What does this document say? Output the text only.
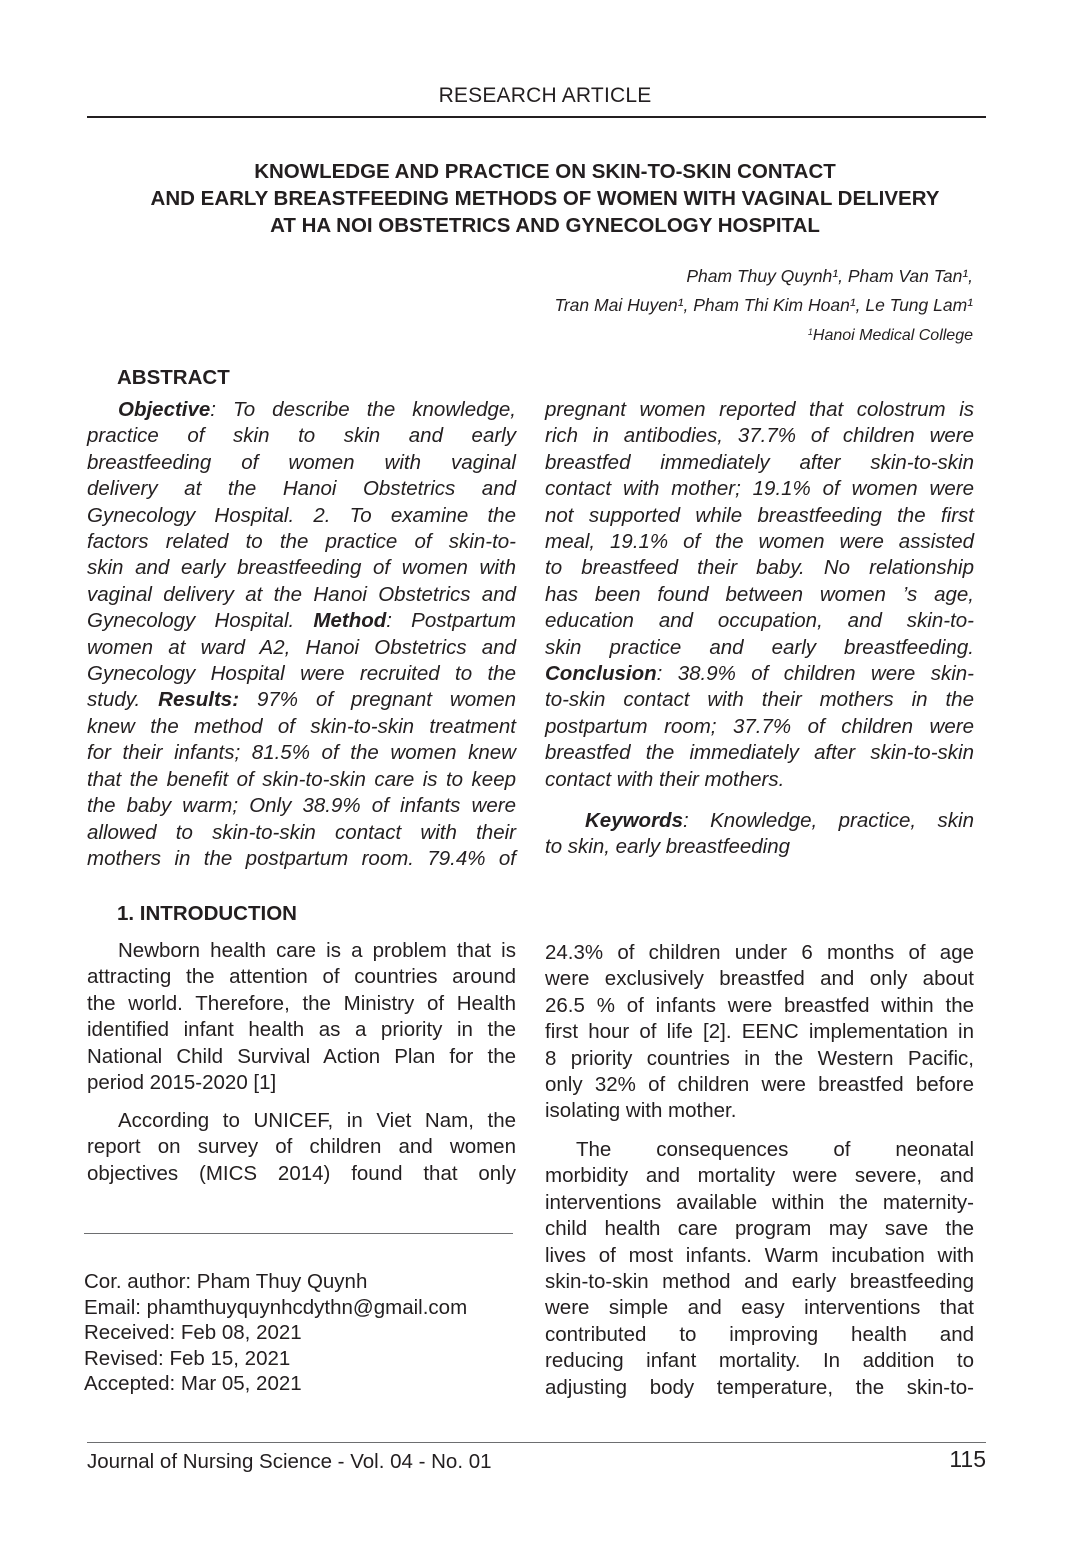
RESEARCH ARTICLE
KNOWLEDGE AND PRACTICE ON SKIN-TO-SKIN CONTACT
AND EARLY BREASTFEEDING METHODS OF WOMEN WITH VAGINAL DELIVERY
AT HA NOI OBSTETRICS AND GYNECOLOGY HOSPITAL
Pham Thuy Quynh¹, Pham Van Tan¹,
Tran Mai Huyen¹, Pham Thi Kim Hoan¹, Le Tung Lam¹
$^1$Hanoi Medical College
ABSTRACT
Objective: To describe the knowledge,
practice of skin to skin and early
breastfeeding of women with vaginal
delivery at the Hanoi Obstetrics and
Gynecology Hospital. 2. To examine the
factors related to the practice of skin-to-
skin and early breastfeeding of women with
vaginal delivery at the Hanoi Obstetrics and
Gynecology Hospital. Method: Postpartum
women at ward A2, Hanoi Obstetrics and
Gynecology Hospital were recruited to the
study. Results: 97% of pregnant women
knew the method of skin-to-skin treatment
for their infants; 81.5% of the women knew
that the benefit of skin-to-skin care is to keep
the baby warm; Only 38.9% of infants were
allowed to skin-to-skin contact with their
mothers in the postpartum room. 79.4% of
pregnant women reported that colostrum is
rich in antibodies, 37.7% of children were
breastfed immediately after skin-to-skin
contact with mother; 19.1% of women were
not supported while breastfeeding the first
meal, 19.1% of the women were assisted
to breastfeed their baby. No relationship
has been found between women ’s age,
education and occupation, and skin-to-
skin practice and early breastfeeding.
Conclusion: 38.9% of children were skin-
to-skin contact with their mothers in the
postpartum room; 37.7% of children were
breastfed the immediately after skin-to-skin
contact with their mothers.
Keywords: Knowledge, practice, skin
to skin, early breastfeeding
1. INTRODUCTION
Newborn health care is a problem that is
attracting the attention of countries around
the world. Therefore, the Ministry of Health
identified infant health as a priority in the
National Child Survival Action Plan for the
period 2015-2020 [1]
According to UNICEF, in Viet Nam, the
report on survey of children and women
objectives (MICS 2014) found that only
24.3% of children under 6 months of age
were exclusively breastfed and only about
26.5 % of infants were breastfed within the
first hour of life [2]. EENC implementation in
8 priority countries in the Western Pacific,
only 32% of children were breastfed before
isolating with mother.
The consequences of neonatal
morbidity and mortality were severe, and
interventions available within the maternity-
child health care program may save the
lives of most infants. Warm incubation with
skin-to-skin method and early breastfeeding
were simple and easy interventions that
contributed to improving health and
reducing infant mortality. In addition to
adjusting body temperature, the skin-to-
Cor. author: Pham Thuy Quynh
Email: phamthuyquynhcdythn@gmail.com
Received: Feb 08, 2021
Revised: Feb 15, 2021
Accepted: Mar 05, 2021
Journal of Nursing Science - Vol. 04 - No. 01	115
